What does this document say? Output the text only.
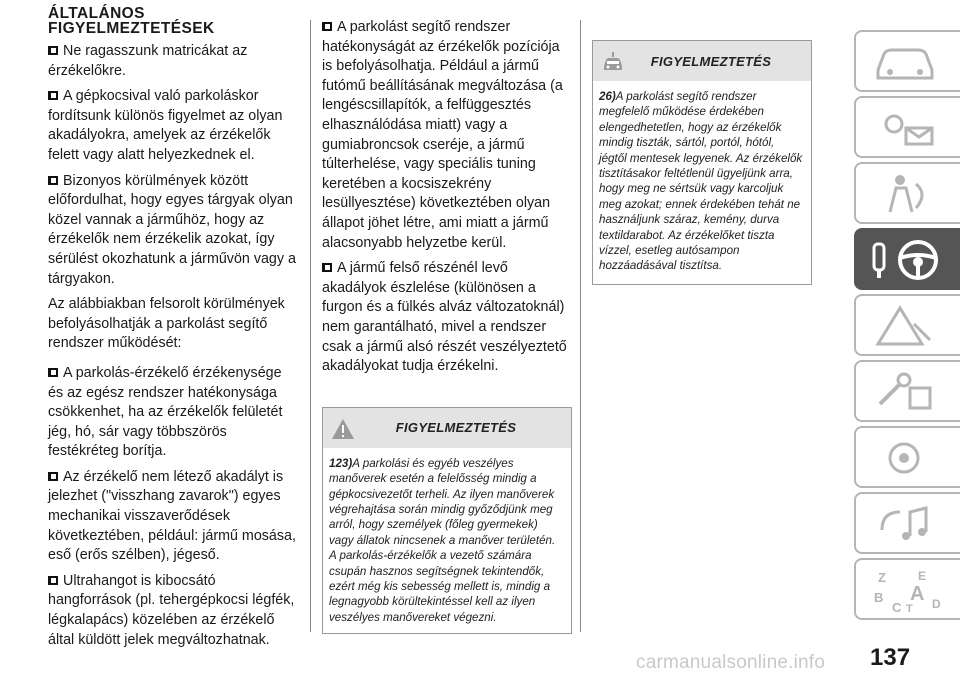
ÁLTALÁNOS
FIGYELMEZTETÉSEK

Ne ragasszunk matricákat az érzékelőkre.

A gépkocsival való parkoláskor fordítsunk különös figyelmet az olyan akadályokra, amelyek az érzékelők felett vagy alatt helyezkednek el.

Bizonyos körülmények között előfordulhat, hogy egyes tárgyak olyan közel vannak a járműhöz, hogy az érzékelők nem érzékelik azokat, így sérülést okozhatunk a járművön vagy a tárgyakon.

Az alábbiakban felsorolt körülmények befolyásolhatják a parkolást segítő rendszer működését:

A parkolás-érzékelő érzékenysége és az egész rendszer hatékonysága csökkenhet, ha az érzékelők felületét jég, hó, sár vagy többszörös festékréteg borítja.

Az érzékelő nem létező akadályt is jelezhet ("visszhang zavarok") egyes mechanikai visszaverődések következtében, például: jármű mosása, eső (erős szélben), jégeső.

Ultrahangot is kibocsátó hangforrások (pl. tehergépkocsi légfék, légkalapács) közelében az érzékelő által küldött jelek megváltozhatnak.

A parkolást segítő rendszer hatékonyságát az érzékelők pozíciója is befolyásolhatja. Például a jármű futómű beállításának megváltozása (a lengéscsillapítók, a felfüggesztés elhasználódása miatt) vagy a gumiabroncsok cseréje, a jármű túlterhelése, vagy speciális tuning keretében a kocsiszekrény lesüllyesztése) következtében olyan állapot jöhet létre, ami miatt a jármű alacsonyabb helyzetbe kerül.

A jármű felső részénél levő akadályok észlelése (különösen a furgon és a fülkés alváz változatoknál) nem garantálható, mivel a rendszer csak a jármű alsó részét veszélyeztető akadályokat tudja érzékelni.

FIGYELMEZTETÉS
123)A parkolási és egyéb veszélyes manőverek esetén a felelősség mindig a gépkocsivezetőt terheli. Az ilyen manőverek végrehajtása során mindig győződjünk meg arról, hogy személyek (főleg gyermekek) vagy állatok nincsenek a manőver területén. A parkolás-érzékelők a vezető számára csupán hasznos segítségnek tekintendők, ezért még kis sebesség mellett is, mindig a legnagyobb körültekintéssel kell az ilyen veszélyes manővereket végezni.
FIGYELMEZTETÉS
26)A parkolást segítő rendszer megfelelő működése érdekében elengedhetetlen, hogy az érzékelők mindig tiszták, sártól, portól, hótól, jégtől mentesek legyenek. Az érzékelők tisztításakor feltétlenül ügyeljünk arra, hogy meg ne sértsük vagy karcoljuk meg azokat; ennek érdekében tehát ne használjunk száraz, kemény, durva textildarabot. Az érzékelőket tiszta vízzel, esetleg autósampon hozzáadásával tisztítsa.
Z	E
B A
C T D
137
carmanualsonline.info
